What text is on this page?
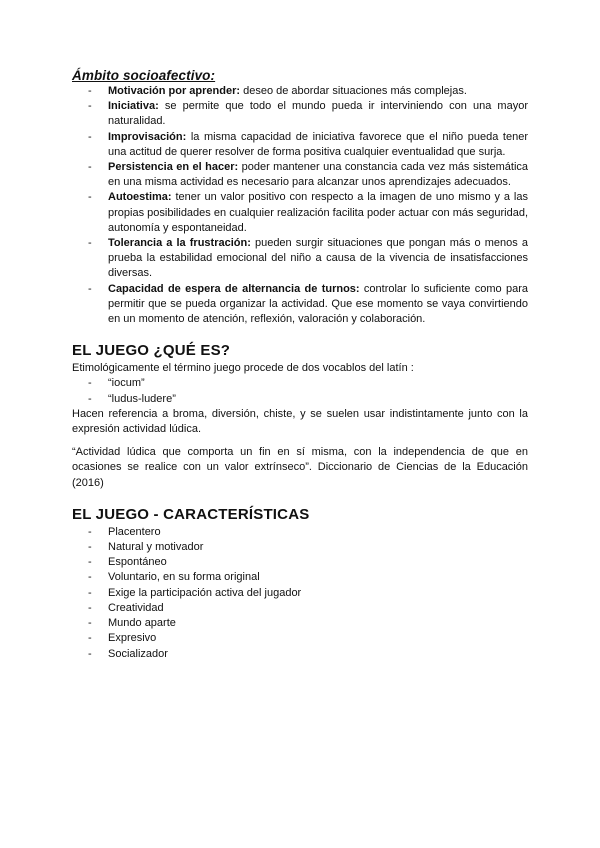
Ámbito socioafectivo:
- Motivación por aprender: deseo de abordar situaciones más complejas.
- Iniciativa: se permite que todo el mundo pueda ir interviniendo con una mayor naturalidad.
- Improvisación: la misma capacidad de iniciativa favorece que el niño pueda tener una actitud de querer resolver de forma positiva cualquier eventualidad que surja.
- Persistencia en el hacer: poder mantener una constancia cada vez más sistemática en una misma actividad es necesario para alcanzar unos aprendizajes adecuados.
- Autoestima: tener un valor positivo con respecto a la imagen de uno mismo y a las propias posibilidades en cualquier realización facilita poder actuar con más seguridad, autonomía y espontaneidad.
- Tolerancia a la frustración: pueden surgir situaciones que pongan más o menos a prueba la estabilidad emocional del niño a causa de la vivencia de insatisfacciones diversas.
- Capacidad de espera de alternancia de turnos: controlar lo suficiente como para permitir que se pueda organizar la actividad. Que ese momento se vaya convirtiendo en un momento de atención, reflexión, valoración y colaboración.
EL JUEGO ¿QUÉ ES?

Etimológicamente el término juego procede de dos vocablos del latín :

- “iocum”
- “ludus-ludere”

Hacen referencia a broma, diversión, chiste, y se suelen usar indistintamente junto con la expresión actividad lúdica.

“Actividad lúdica que comporta un fin en sí misma, con la independencia de que en ocasiones se realice con un valor extrínseco”. Diccionario de Ciencias de la Educación (2016)

EL JUEGO - CARACTERÍSTICAS
- Placentero
- Natural y motivador
- Espontáneo
- Voluntario, en su forma original
- Exige la participación activa del jugador
- Creatividad
- Mundo aparte
- Expresivo
- Socializador
